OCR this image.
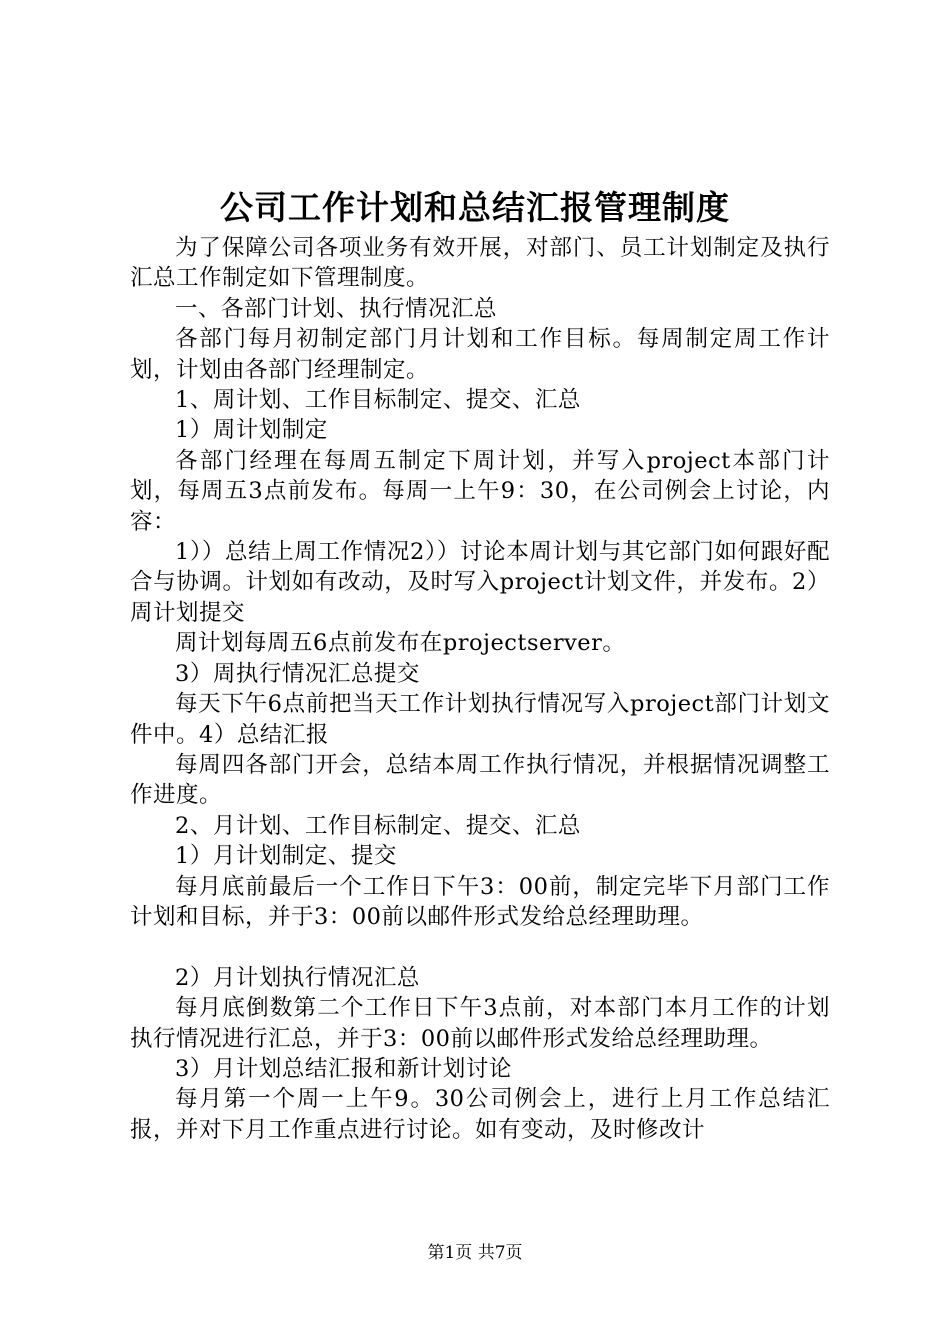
公司工作计划和总结汇报管理制度

为了保障公司各项业务有效开展，对部门、员工计划制定及执行汇总工作制定如下管理制度。

一、各部门计划、执行情况汇总

各部门每月初制定部门月计划和工作目标。每周制定周工作计划，计划由各部门经理制定。

1、周计划、工作目标制定、提交、汇总

1）周计划制定

各部门经理在每周五制定下周计划，并写入project本部门计划，每周五3点前发布。每周一上午9：30，在公司例会上讨论，内容：

1））总结上周工作情况2））讨论本周计划与其它部门如何跟好配合与协调。计划如有改动，及时写入project计划文件，并发布。2）周计划提交

周计划每周五6点前发布在projectserver。

3）周执行情况汇总提交

每天下午6点前把当天工作计划执行情况写入project部门计划文件中。4）总结汇报

每周四各部门开会，总结本周工作执行情况，并根据情况调整工作进度。

2、月计划、工作目标制定、提交、汇总

1）月计划制定、提交

每月底前最后一个工作日下午3：00前，制定完毕下月部门工作计划和目标，并于3：00前以邮件形式发给总经理助理。

2）月计划执行情况汇总

每月底倒数第二个工作日下午3点前，对本部门本月工作的计划执行情况进行汇总，并于3：00前以邮件形式发给总经理助理。

3）月计划总结汇报和新计划讨论

每月第一个周一上午9。30公司例会上，进行上月工作总结汇报，并对下月工作重点进行讨论。如有变动，及时修改计

第1页 共7页
